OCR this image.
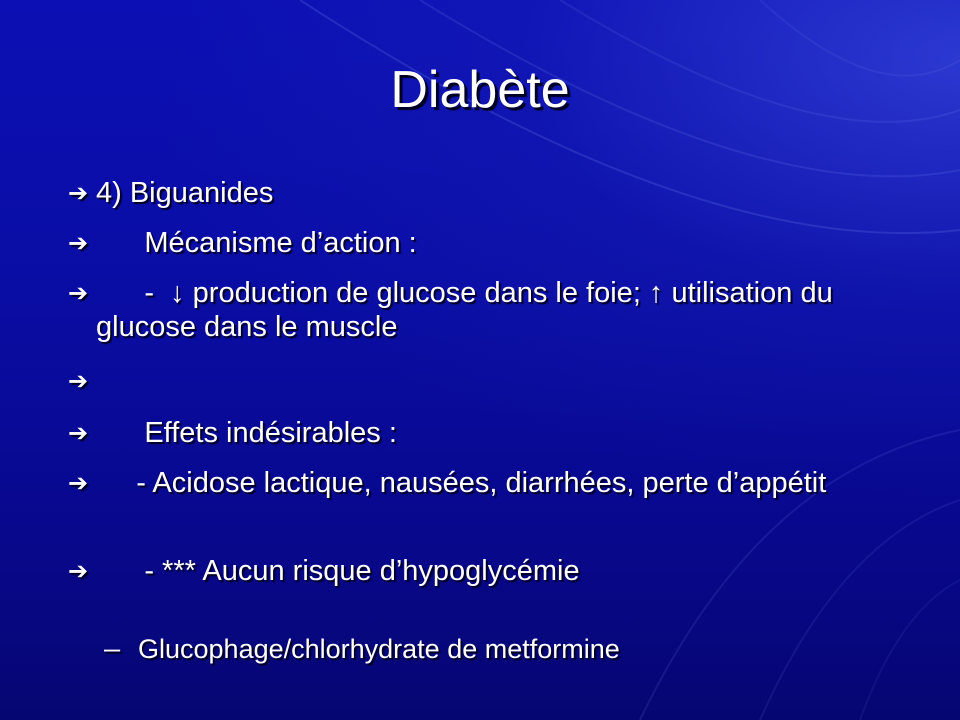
Diabète
➔ 4) Biguanides
➔ Mécanisme d’action :
➔ -  ↓ production de glucose dans le foie; ↑ utilisation du glucose dans le muscle
➔
➔ Effets indésirables :
➔ - Acidose lactique, nausées, diarrhées, perte d’appétit
➔ - *** Aucun risque d’hypoglycémie
– Glucophage/chlorhydrate de metformine
